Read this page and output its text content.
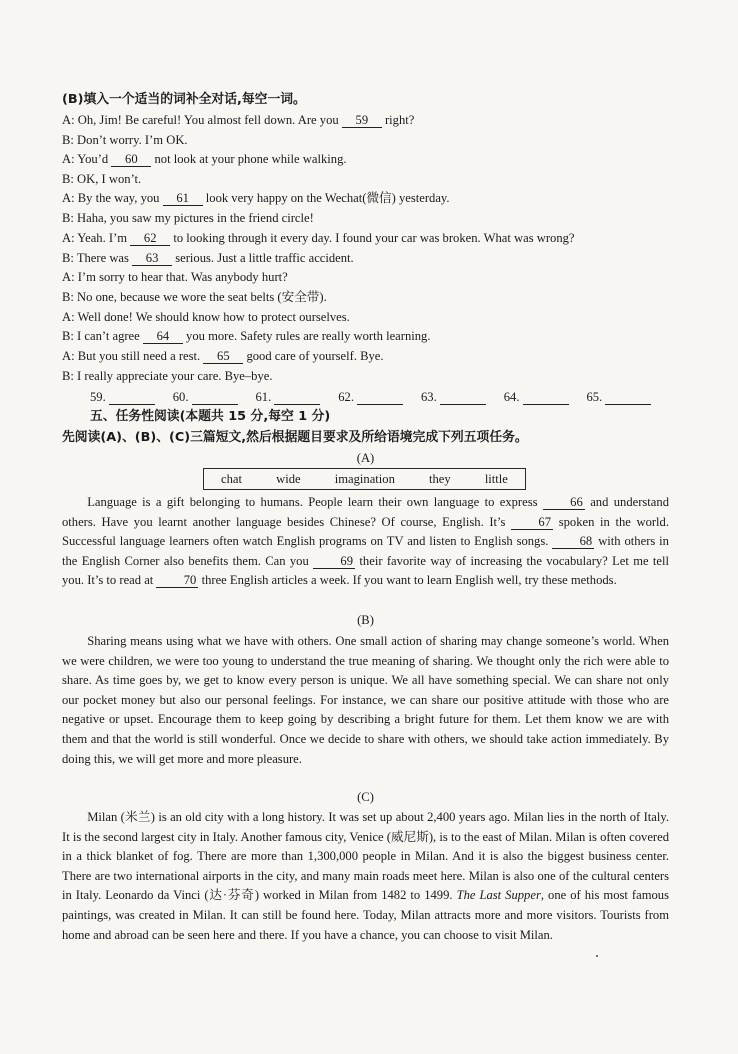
(B)填入一个适当的词补全对话,每空一词。
A: Oh, Jim! Be careful! You almost fell down. Are you 59 right?
B: Don’t worry. I’m OK.
A: You’d 60 not look at your phone while walking.
B: OK, I won’t.
A: By the way, you 61 look very happy on the Wechat(微信) yesterday.
B: Haha, you saw my pictures in the friend circle!
A: Yeah. I’m 62 to looking through it every day. I found your car was broken. What was wrong?
B: There was 63 serious. Just a little traffic accident.
A: I’m sorry to hear that. Was anybody hurt?
B: No one, because we wore the seat belts (安全带).
A: Well done! We should know how to protect ourselves.
B: I can’t agree 64 you more. Safety rules are really worth learning.
A: But you still need a rest. 65 good care of yourself. Bye.
B: I really appreciate your care. Bye–bye.
59.	60.	61.	62.	63.	64.	65.
五、任务性阅读(本题共 15 分,每空 1 分)
先阅读(A)、(B)、(C)三篇短文,然后根据题目要求及所给语境完成下列五项任务。
(A)
chat	wide	imagination	they	little
Language is a gift belonging to humans. People learn their own language to express 66 and understand others. Have you learnt another language besides Chinese? Of course, English. It’s 67 spoken in the world. Successful language learners often watch English programs on TV and listen to English songs. 68 with others in the English Corner also benefits them. Can you 69 their favorite way of increasing the vocabulary? Let me tell you. It’s to read at 70 three English articles a week. If you want to learn English well, try these methods.
(B)
Sharing means using what we have with others. One small action of sharing may change someone’s world. When we were children, we were too young to understand the true meaning of sharing. We thought only the rich were able to share. As time goes by, we get to know every person is unique. We all have something special. We can share not only our pocket money but also our personal feelings. For instance, we can share our positive attitude with those who are negative or upset. Encourage them to keep going by describing a bright future for them. Let them know we are with them and that the world is still wonderful. Once we decide to share with others, we should take action immediately. By doing this, we will get more and more pleasure.
(C)
Milan (米兰) is an old city with a long history. It was set up about 2,400 years ago. Milan lies in the north of Italy. It is the second largest city in Italy. Another famous city, Venice (威尼斯), is to the east of Milan. Milan is often covered in a thick blanket of fog. There are more than 1,300,000 people in Milan. And it is also the biggest business center. There are two international airports in the city, and many main roads meet here. Milan is also one of the cultural centers in Italy. Leonardo da Vinci (达·芬奇) worked in Milan from 1482 to 1499. The Last Supper, one of his most famous paintings, was created in Milan. It can still be found here. Today, Milan attracts more and more visitors. Tourists from home and abroad can be seen here and there. If you have a chance, you can choose to visit Milan.
